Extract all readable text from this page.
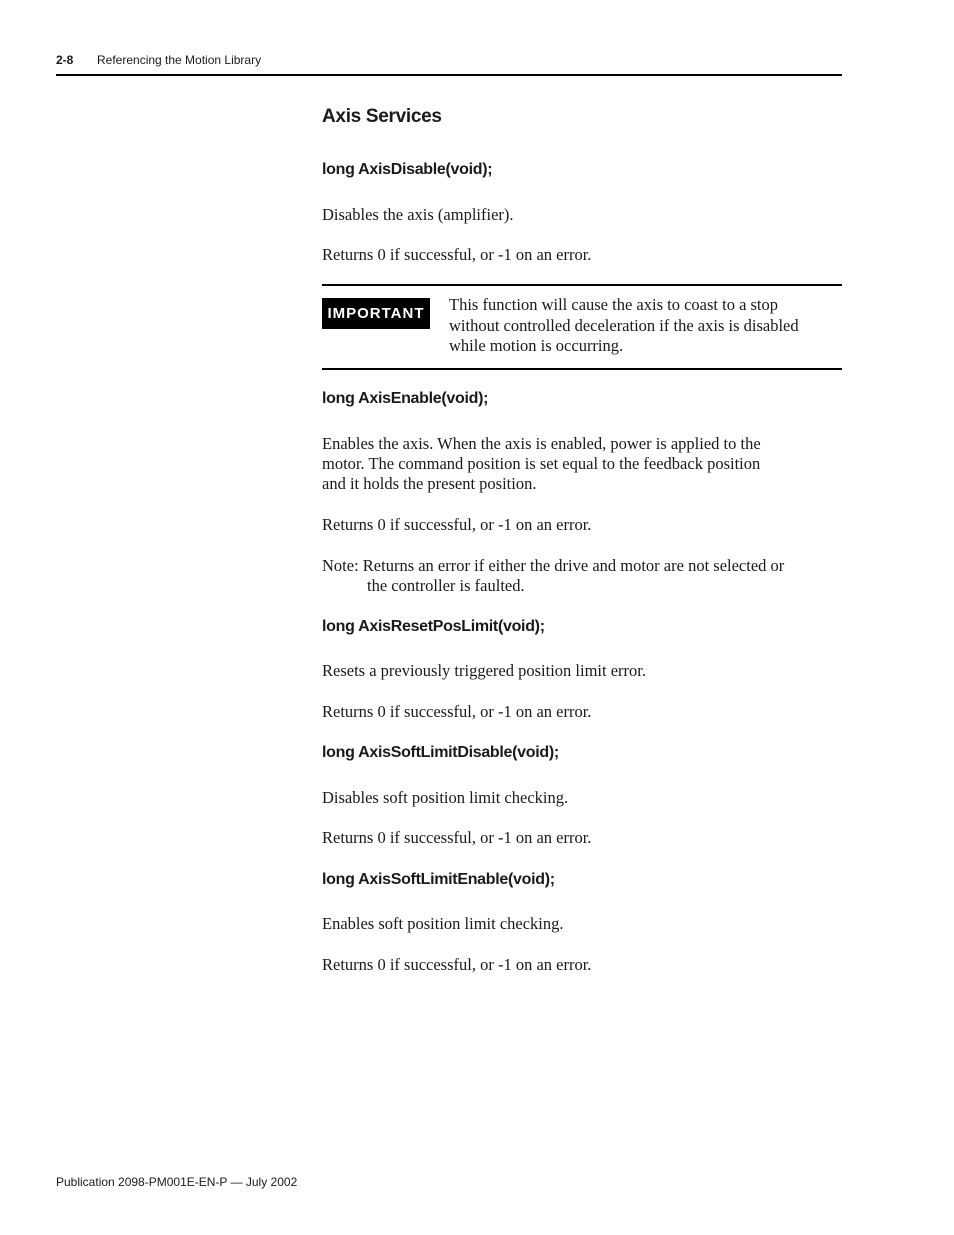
2-8 Referencing the Motion Library
Axis Services
long AxisDisable(void);
Disables the axis (amplifier).
Returns 0 if successful, or -1 on an error.
IMPORTANT	This function will cause the axis to coast to a stop
without controlled deceleration if the axis is disabled
while motion is occurring.
long AxisEnable(void);
Enables the axis. When the axis is enabled, power is applied to the
motor. The command position is set equal to the feedback position
and it holds the present position.
Returns 0 if successful, or -1 on an error.
Note: Returns an error if either the drive and motor are not selected or
the controller is faulted.
long AxisResetPosLimit(void);
Resets a previously triggered position limit error.
Returns 0 if successful, or -1 on an error.
long AxisSoftLimitDisable(void);
Disables soft position limit checking.
Returns 0 if successful, or -1 on an error.
long AxisSoftLimitEnable(void);
Enables soft position limit checking.
Returns 0 if successful, or -1 on an error.
Publication 2098-PM001E-EN-P — July 2002
